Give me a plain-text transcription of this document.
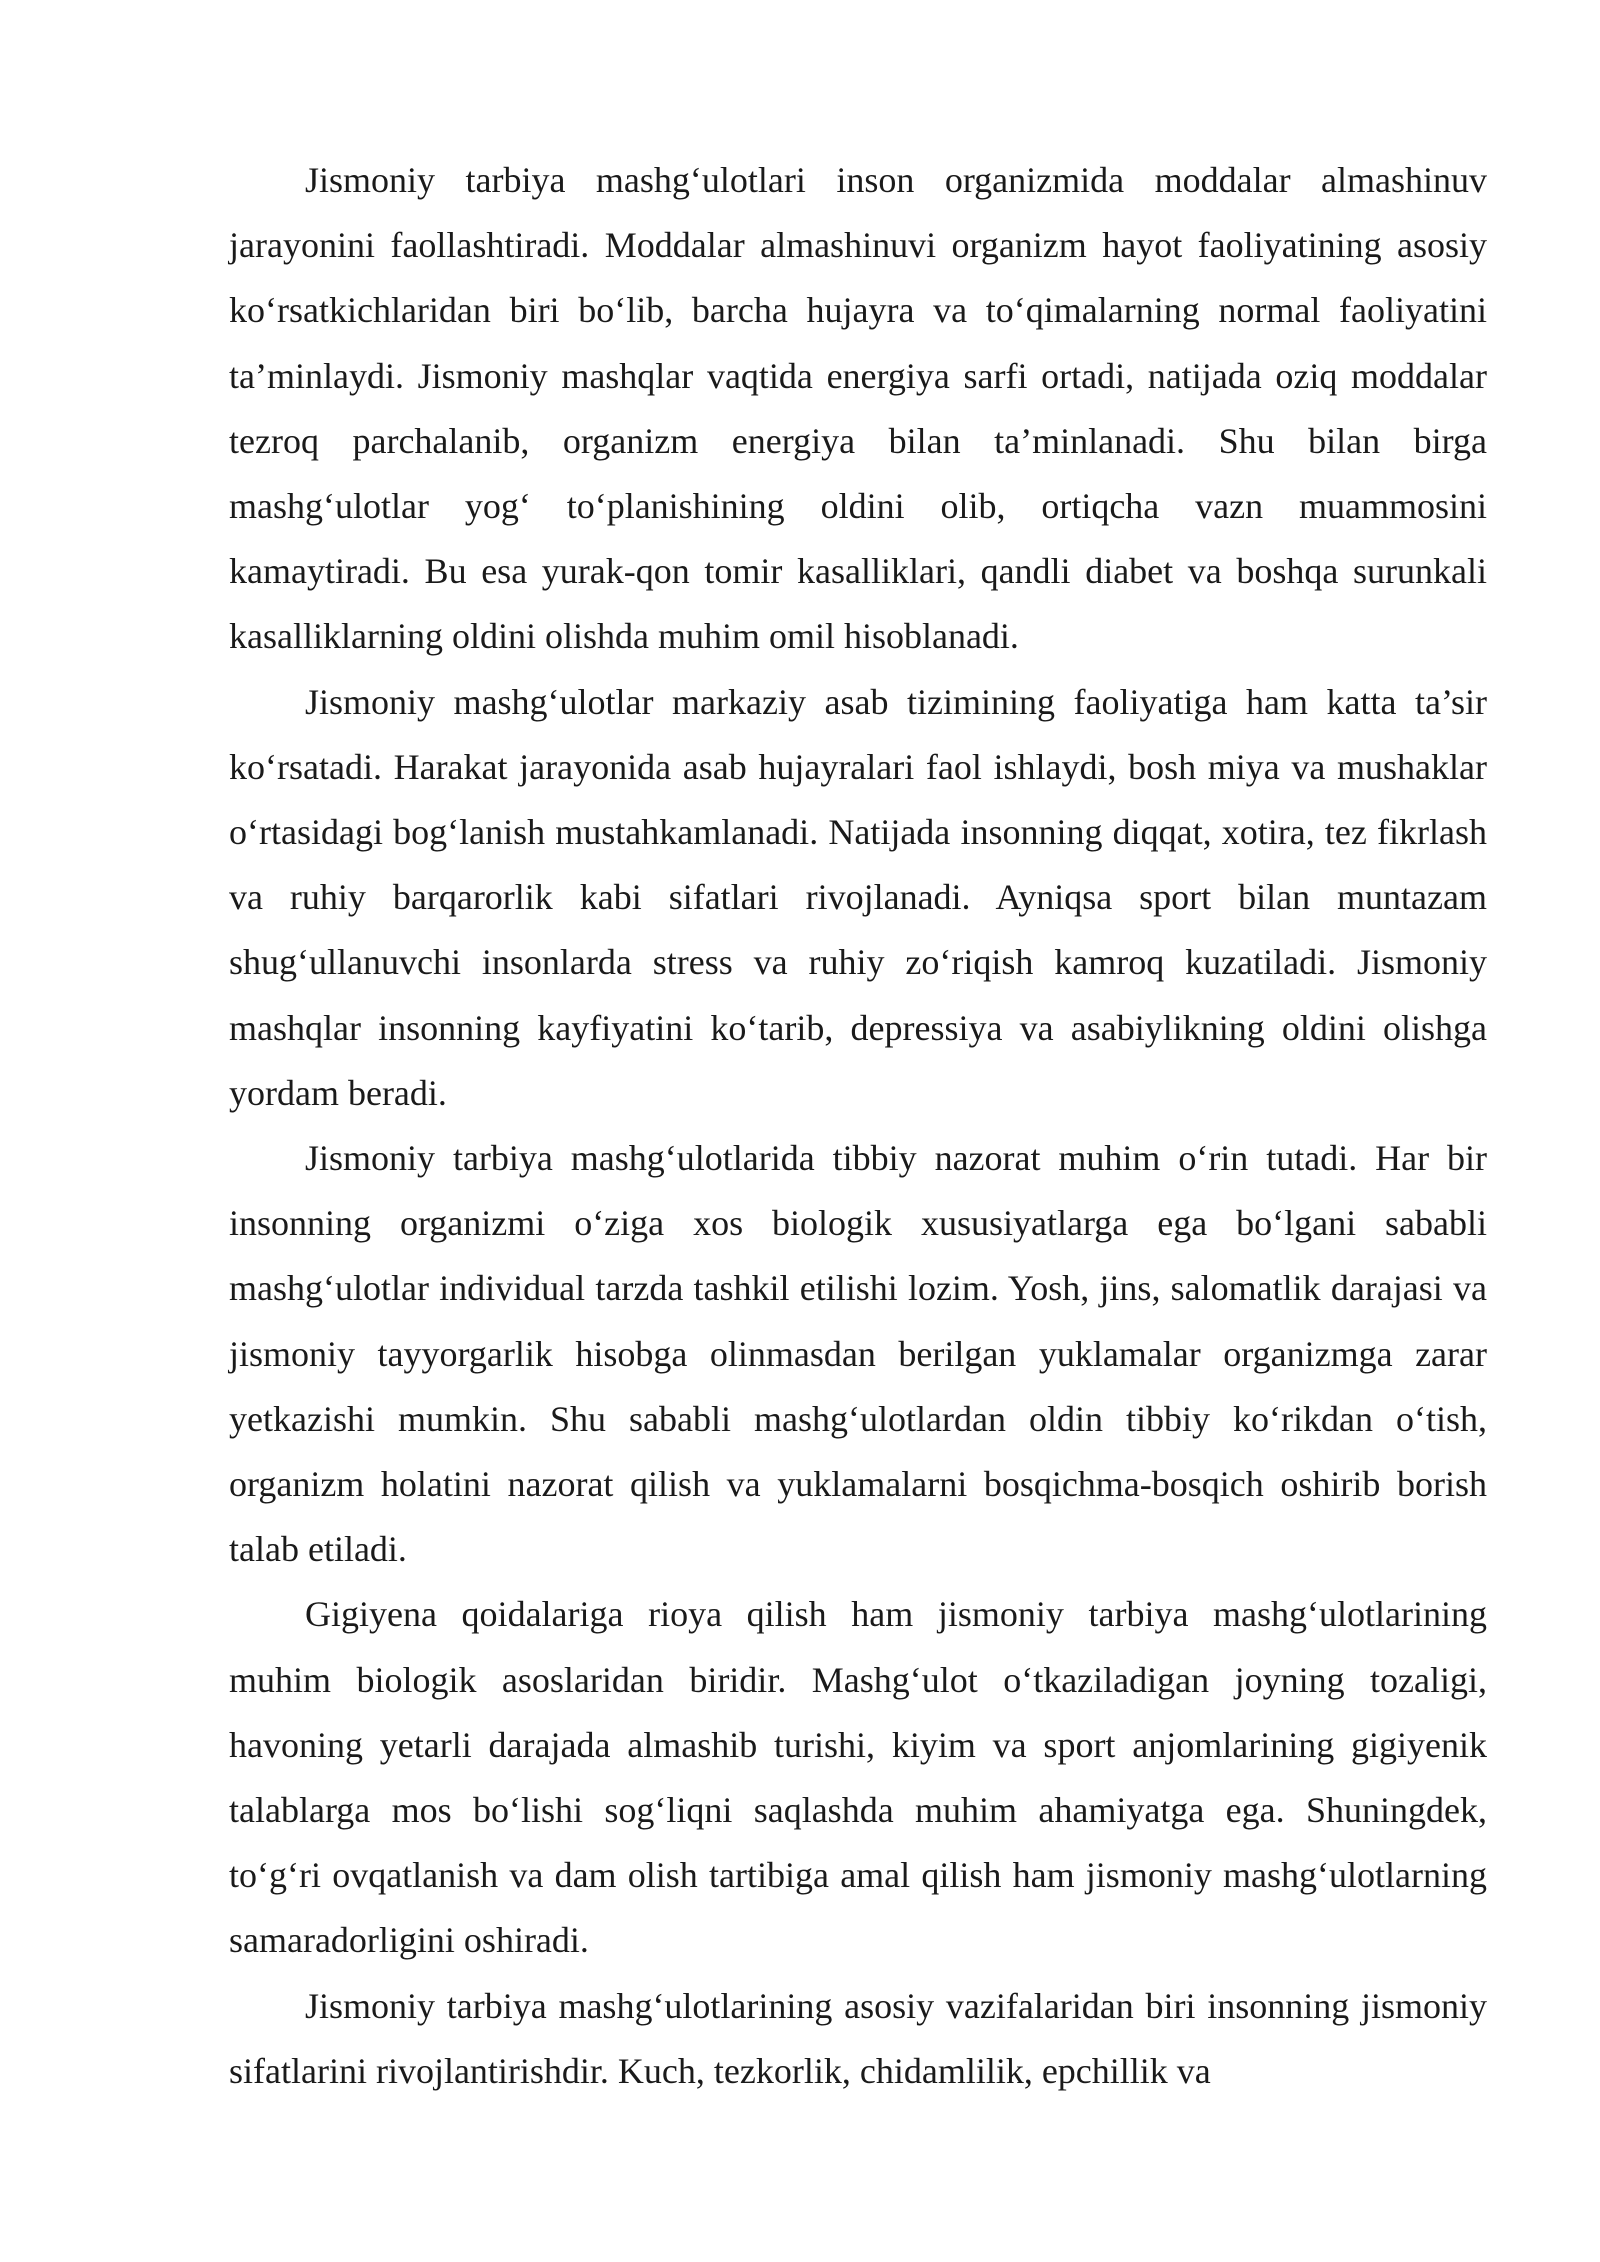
Jismoniy tarbiya mashg‘ulotlari inson organizmida moddalar almashinuv jarayonini faollashtiradi. Moddalar almashinuvi organizm hayot faoliyatining asosiy ko‘rsatkichlaridan biri bo‘lib, barcha hujayra va to‘qimalarning normal faoliyatini ta’minlaydi. Jismoniy mashqlar vaqtida energiya sarfi ortadi, natijada oziq moddalar tezroq parchalanib, organizm energiya bilan ta’minlanadi. Shu bilan birga mashg‘ulotlar yog‘ to‘planishining oldini olib, ortiqcha vazn muammosini kamaytiradi. Bu esa yurak-qon tomir kasalliklari, qandli diabet va boshqa surunkali kasalliklarning oldini olishda muhim omil hisoblanadi.

Jismoniy mashg‘ulotlar markaziy asab tizimining faoliyatiga ham katta ta’sir ko‘rsatadi. Harakat jarayonida asab hujayralari faol ishlaydi, bosh miya va mushaklar o‘rtasidagi bog‘lanish mustahkamlanadi. Natijada insonning diqqat, xotira, tez fikrlash va ruhiy barqarorlik kabi sifatlari rivojlanadi. Ayniqsa sport bilan muntazam shug‘ullanuvchi insonlarda stress va ruhiy zo‘riqish kamroq kuzatiladi. Jismoniy mashqlar insonning kayfiyatini ko‘tarib, depressiya va asabiylikning oldini olishga yordam beradi.

Jismoniy tarbiya mashg‘ulotlarida tibbiy nazorat muhim o‘rin tutadi. Har bir insonning organizmi o‘ziga xos biologik xususiyatlarga ega bo‘lgani sababli mashg‘ulotlar individual tarzda tashkil etilishi lozim. Yosh, jins, salomatlik darajasi va jismoniy tayyorgarlik hisobga olinmasdan berilgan yuklamalar organizmga zarar yetkazishi mumkin. Shu sababli mashg‘ulotlardan oldin tibbiy ko‘rikdan o‘tish, organizm holatini nazorat qilish va yuklamalarni bosqichma-bosqich oshirib borish talab etiladi.

Gigiyena qoidalariga rioya qilish ham jismoniy tarbiya mashg‘ulotlarining muhim biologik asoslaridan biridir. Mashg‘ulot o‘tkaziladigan joyning tozaligi, havoning yetarli darajada almashib turishi, kiyim va sport anjomlarining gigiyenik talablarga mos bo‘lishi sog‘liqni saqlashda muhim ahamiyatga ega. Shuningdek, to‘g‘ri ovqatlanish va dam olish tartibiga amal qilish ham jismoniy mashg‘ulotlarning samaradorligini oshiradi.

Jismoniy tarbiya mashg‘ulotlarining asosiy vazifalaridan biri insonning jismoniy sifatlarini rivojlantirishdir. Kuch, tezkorlik, chidamlilik, epchillik va
